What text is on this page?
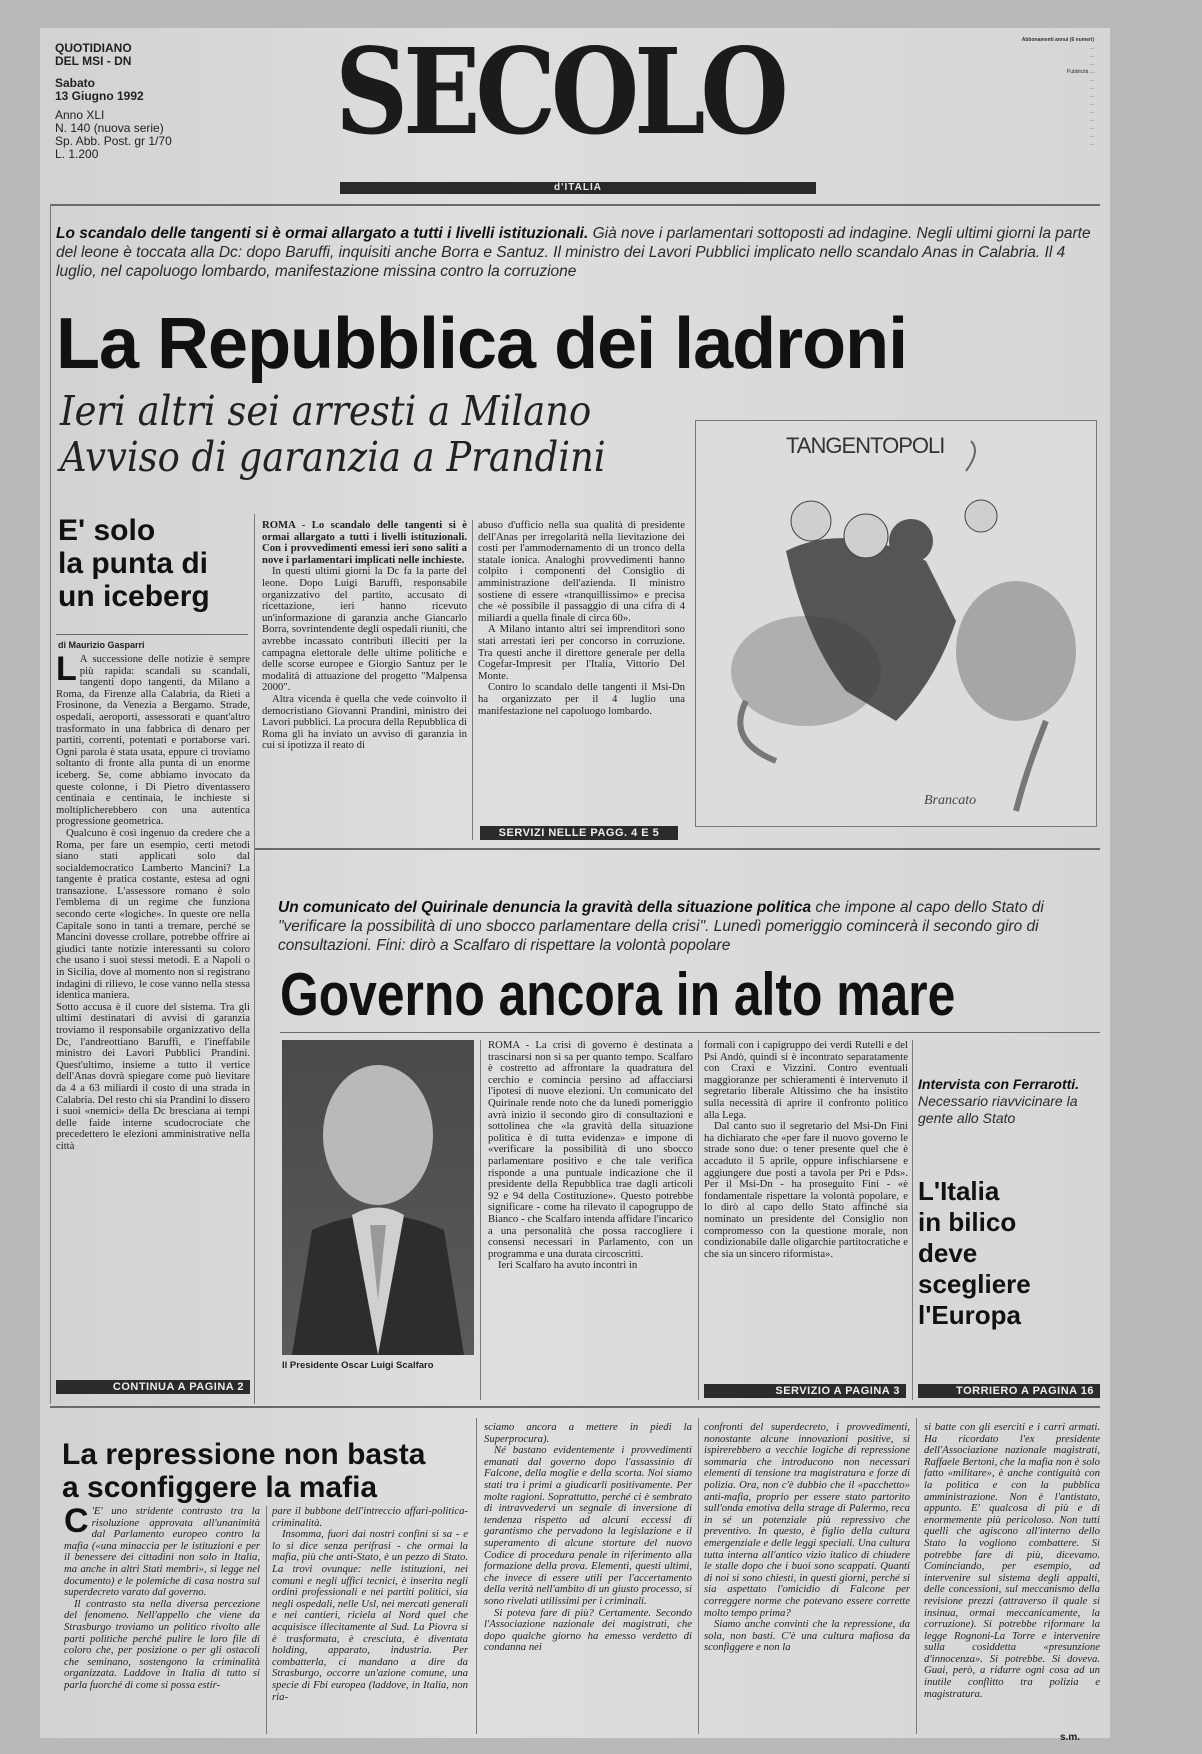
QUOTIDIANO
DEL MSI - DN
Sabato
13 Giugno 1992
Anno XLI
N. 140 (nuova serie)
Sp. Abb. Post. gr 1/70
L. 1.200	SECOLO
d'ITALIA
Abbonamenti annui (6 numeri)
...
...
...
Pubblicità ...
...
...
...
...
...
...
...
...
...
Lo scandalo delle tangenti si è ormai allargato a tutti i livelli istituzionali. Già nove i parlamentari sottoposti ad indagine. Negli ultimi giorni la parte del leone è toccata alla Dc: dopo Baruffi, inquisiti anche Borra e Santuz. Il ministro dei Lavori Pubblici implicato nello scandalo Anas in Calabria. Il 4 luglio, nel capoluogo lombardo, manifestazione missina contro la corruzione
La Repubblica dei ladroni
Ieri altri sei arresti a Milano
Avviso di garanzia a Prandini
E' solo
la punta di
un iceberg
di Maurizio Gasparri

L A successione delle notizie è sempre più rapida: scandali su scandali, tangenti dopo tangenti, da Milano a Roma, da Firenze alla Calabria, da Rieti a Frosinone, da Venezia a Bergamo. Strade, ospedali, aeroporti, assessorati e quant'altro trasformato in una fabbrica di denaro per partiti, correnti, potentati e portaborse vari. Ogni parola è stata usata, eppure ci troviamo soltanto di fronte alla punta di un enorme iceberg. Se, come abbiamo invocato da queste colonne, i Di Pietro diventassero centinaia e centinaia, le inchieste si moltiplicherebbero con una autentica progressione geometrica.

Qualcuno è così ingenuo da credere che a Roma, per fare un esempio, certi metodi siano stati applicati solo dal socialdemocratico Lamberto Mancini? La tangente è pratica costante, estesa ad ogni transazione. L'assessore romano è solo l'emblema di un regime che funziona secondo certe «logiche». In queste ore nella Capitale sono in tanti a tremare, perché se Mancini dovesse crollare, potrebbe offrire ai giudici tante notizie interessanti su coloro che usano i suoi stessi metodi. E a Napoli o in Sicilia, dove al momento non si registrano indagini di rilievo, le cose vanno nella stessa identica maniera.

Sotto accusa è il cuore del sistema. Tra gli ultimi destinatari di avvisi di garanzia troviamo il responsabile organizzativo della Dc, l'andreottiano Baruffi, e l'ineffabile ministro dei Lavori Pubblici Prandini. Quest'ultimo, insieme a tutto il vertice dell'Anas dovrà spiegare come può lievitare da 4 a 63 miliardi il costo di una strada in Calabria. Del resto chi sia Prandini lo dissero i suoi «nemici» della Dc bresciana ai tempi delle faide interne scudocrociate che precedettero le elezioni amministrative nella città

CONTINUA A PAGINA 2

ROMA - Lo scandalo delle tangenti si è ormai allargato a tutti i livelli istituzionali. Con i provvedimenti emessi ieri sono saliti a nove i parlamentari implicati nelle inchieste.

In questi ultimi giorni la Dc fa la parte del leone. Dopo Luigi Baruffi, responsabile organizzativo del partito, accusato di ricettazione, ieri hanno ricevuto un'informazione di garanzia anche Giancarlo Borra, sovrintendente degli ospedali riuniti, che avrebbe incassato contributi illeciti per la campagna elettorale delle ultime politiche e delle scorse europee e Giorgio Santuz per le modalità di attuazione del progetto "Malpensa 2000".

Altra vicenda è quella che vede coinvolto il democristiano Giovanni Prandini, ministro dei Lavori pubblici. La procura della Repubblica di Roma gli ha inviato un avviso di garanzia in cui si ipotizza il reato di

abuso d'ufficio nella sua qualità di presidente dell'Anas per irregolarità nella lievitazione dei costi per l'ammodernamento di un tronco della statale ionica. Analoghi provvedimenti hanno colpito i componenti del Consiglio di amministrazione dell'azienda. Il ministro sostiene di essere «tranquillissimo» e precisa che «è possibile il passaggio di una cifra di 4 miliardi a quella finale di circa 60».

A Milano intanto altri sei imprenditori sono stati arrestati ieri per concorso in corruzione. Tra questi anche il direttore generale per della Cogefar-Impresit per l'Italia, Vittorio Del Monte.

Contro lo scandalo delle tangenti il Msi-Dn ha organizzato per il 4 luglio una manifestazione nel capoluogo lombardo.

SERVIZI NELLE PAGG. 4 E 5
TANGENTOPOLI
Brancato
Un comunicato del Quirinale denuncia la gravità della situazione politica che impone al capo dello Stato di "verificare la possibilità di uno sbocco parlamentare della crisi". Lunedì pomeriggio comincerà il secondo giro di consultazioni. Fini: dirò a Scalfaro di rispettare la volontà popolare
Governo ancora in alto mare
Il Presidente Oscar Luigi Scalfaro

ROMA - La crisi di governo è destinata a trascinarsi non si sa per quanto tempo. Scalfaro è costretto ad affrontare la quadratura del cerchio e comincia persino ad affacciarsi l'ipotesi di nuove elezioni. Un comunicato del Quirinale rende noto che da lunedì pomeriggio avrà inizio il secondo giro di consultazioni e sottolinea che «la gravità della situazione politica è di tutta evidenza» e impone di «verificare la possibilità di uno sbocco parlamentare positivo e che tale verifica risponde a una puntuale indicazione che il presidente della Repubblica trae dagli articoli 92 e 94 della Costituzione». Questo potrebbe significare - come ha rilevato il capogruppo de Bianco - che Scalfaro intenda affidare l'incarico a una personalità che possa raccogliere i consensi necessari in Parlamento, con un programma e una durata circoscritti.

Ieri Scalfaro ha avuto incontri in

formali con i capigruppo dei verdi Rutelli e del Psi Andò, quindi si è incontrato separatamente con Craxi e Vizzini. Contro eventuali maggioranze per schieramenti è intervenuto il segretario liberale Altissimo che ha insistito sulla necessità di aprire il confronto politico alla Lega.

Dal canto suo il segretario del Msi-Dn Fini ha dichiarato che «per fare il nuovo governo le strade sono due: o tener presente quel che è accaduto il 5 aprile, oppure infischiarsene e aggiungere due posti a tavola per Pri e Pds». Per il Msi-Dn - ha proseguito Fini - «è fondamentale rispettare la volontà popolare, e lo dirò al capo dello Stato affinché sia nominato un presidente del Consiglio non compromesso con la questione morale, non condizionabile dalle oligarchie partitocratiche e che sia un sincero riformista».

SERVIZIO A PAGINA 3
Intervista con Ferrarotti.
Necessario riavvicinare la gente allo Stato
L'Italia
in bilico
deve
scegliere
l'Europa
TORRIERO A PAGINA 16
La repressione non basta
a sconfiggere la mafia

C 'E' uno stridente contrasto tra la risoluzione approvata all'unanimità dal Parlamento europeo contro la mafia («una minaccia per le istituzioni e per il benessere dei cittadini non solo in Italia, ma anche in altri Stati membri», si legge nel documento) e le polemiche di casa nostra sul superdecreto varato dal governo.

Il contrasto sta nella diversa percezione del fenomeno. Nell'appello che viene da Strasburgo troviamo un politico rivolto alle parti politiche perché pulire le loro file di coloro che, per posizione o per gli ostacoli che seminano, sostengono la criminalità organizzata. Laddove in Italia di tutto si parla fuorché di come si possa estir-

pare il bubbone dell'intreccio affari-politica-criminalità.

Insomma, fuori dai nostri confini si sa - e lo si dice senza perifrasi - che ormai la mafia, più che anti-Stato, è un pezzo di Stato. La trovi ovunque: nelle istituzioni, nei comuni e negli uffici tecnici, è inserita negli ordini professionali e nei partiti politici, sia negli ospedali, nelle Usl, nei mercati generali e nei cantieri, riciela al Nord quel che acquisisce illecitamente al Sud. La Piovra si è trasformata, è cresciuta, è diventata holding, apparato, industria. Per combatterla, ci mandano a dire da Strasburgo, occorre un'azione comune, una specie di Fbi europea (laddove, in Italia, non ria-

sciamo ancora a mettere in piedi la Superprocura).

Né bastano evidentemente i provvedimenti emanati dal governo dopo l'assassinio di Falcone, della moglie e della scorta. Noi siamo stati tra i primi a giudicarli positivamente. Per molte ragioni. Soprattutto, perché ci è sembrato di intravvedervi un segnale di inversione di tendenza rispetto ad alcuni eccessi di garantismo che pervadono la legislazione e il superamento di alcune storture del nuovo Codice di procedura penale in riferimento alla formazione della prova. Elementi, questi ultimi, che invece di essere utili per l'accertamento della verità nell'ambito di un giusto processo, si sono rivelati utilissimi per i criminali.

Si poteva fare di più? Certamente. Secondo l'Associazione nazionale dei magistrati, che dopo qualche giorno ha emesso verdetto di condanna nei

confronti del superdecreto, i provvedimenti, nonostante alcune innovazioni positive, si ispirerebbero a vecchie logiche di repressione sommaria che introducono non necessari elementi di tensione tra magistratura e forze di polizia. Ora, non c'è dubbio che il «pacchetto» anti-mafia, proprio per essere stato partorito sull'onda emotiva della strage di Palermo, reca in sé un potenziale più repressivo che preventivo. In questo, è figlio della cultura emergenziale e delle leggi speciali. Una cultura tutta interna all'antico vizio italico di chiudere le stalle dopo che i buoi sono scappati. Quanti di noi si sono chiesti, in questi giorni, perché si sia aspettato l'omicidio di Falcone per correggere norme che potevano essere corrette molto tempo prima?

Siamo anche convinti che la repressione, da sola, non basti. C'è una cultura mafiosa da sconfiggere e non la

si batte con gli eserciti e i carri armati. Ha ricordato l'ex presidente dell'Associazione nazionale magistrati, Raffaele Bertoni, che la mafia non è solo fatto «militare», è anche contiguità con la politica e con la pubblica amministrazione. Non è l'antistato, appunto. E' qualcosa di più e di enormemente più pericoloso. Non tutti quelli che agiscono all'interno dello Stato la vogliono combattere. Si potrebbe fare di più, dicevamo. Cominciando, per esempio, ad intervenire sul sistema degli appalti, delle concessioni, sul meccanismo della revisione prezzi (attraverso il quale si insinua, ormai meccanicamente, la corruzione). Si potrebbe riformare la legge Rognoni-La Torre e intervenire sulla cosiddetta «presunzione d'innocenza». Si potrebbe. Si doveva. Guai, però, a ridurre ogni cosa ad un inutile conflitto tra polizia e magistratura.

s.m.
